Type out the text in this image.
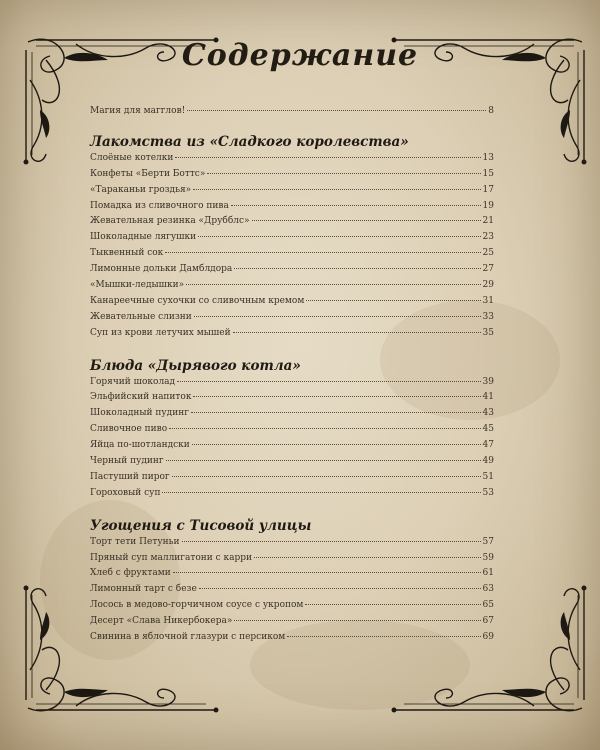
Содержание
Магия для магглов!	8
Лакомства из «Сладкого королевства»
Слоёные котелки	13
Конфеты «Берти Боттс»	15
«Тараканьи гроздья»	17
Помадка из сливочного пива	19
Жевательная резинка «Друбблс»	21
Шоколадные лягушки	23
Тыквенный сок	25
Лимонные дольки Дамблдора	27
«Мышки-ледышки»	29
Канареечные сухочки со сливочным кремом	31
Жевательные слизни	33
Суп из крови летучих мышей	35
Блюда «Дырявого котла»
Горячий шоколад	39
Эльфийский напиток	41
Шоколадный пудинг	43
Сливочное пиво	45
Яйца по-шотландски	47
Черный пудинг	49
Пастуший пирог	51
Гороховый суп	53
Угощения с Тисовой улицы
Торт тети Петуньи	57
Пряный суп маллигатони с карри	59
Хлеб с фруктами	61
Лимонный тарт с безе	63
Лосось в медово-горчичном соусе с укропом	65
Десерт «Слава Никербокера»	67
Свинина в яблочной глазури с персиком	69
